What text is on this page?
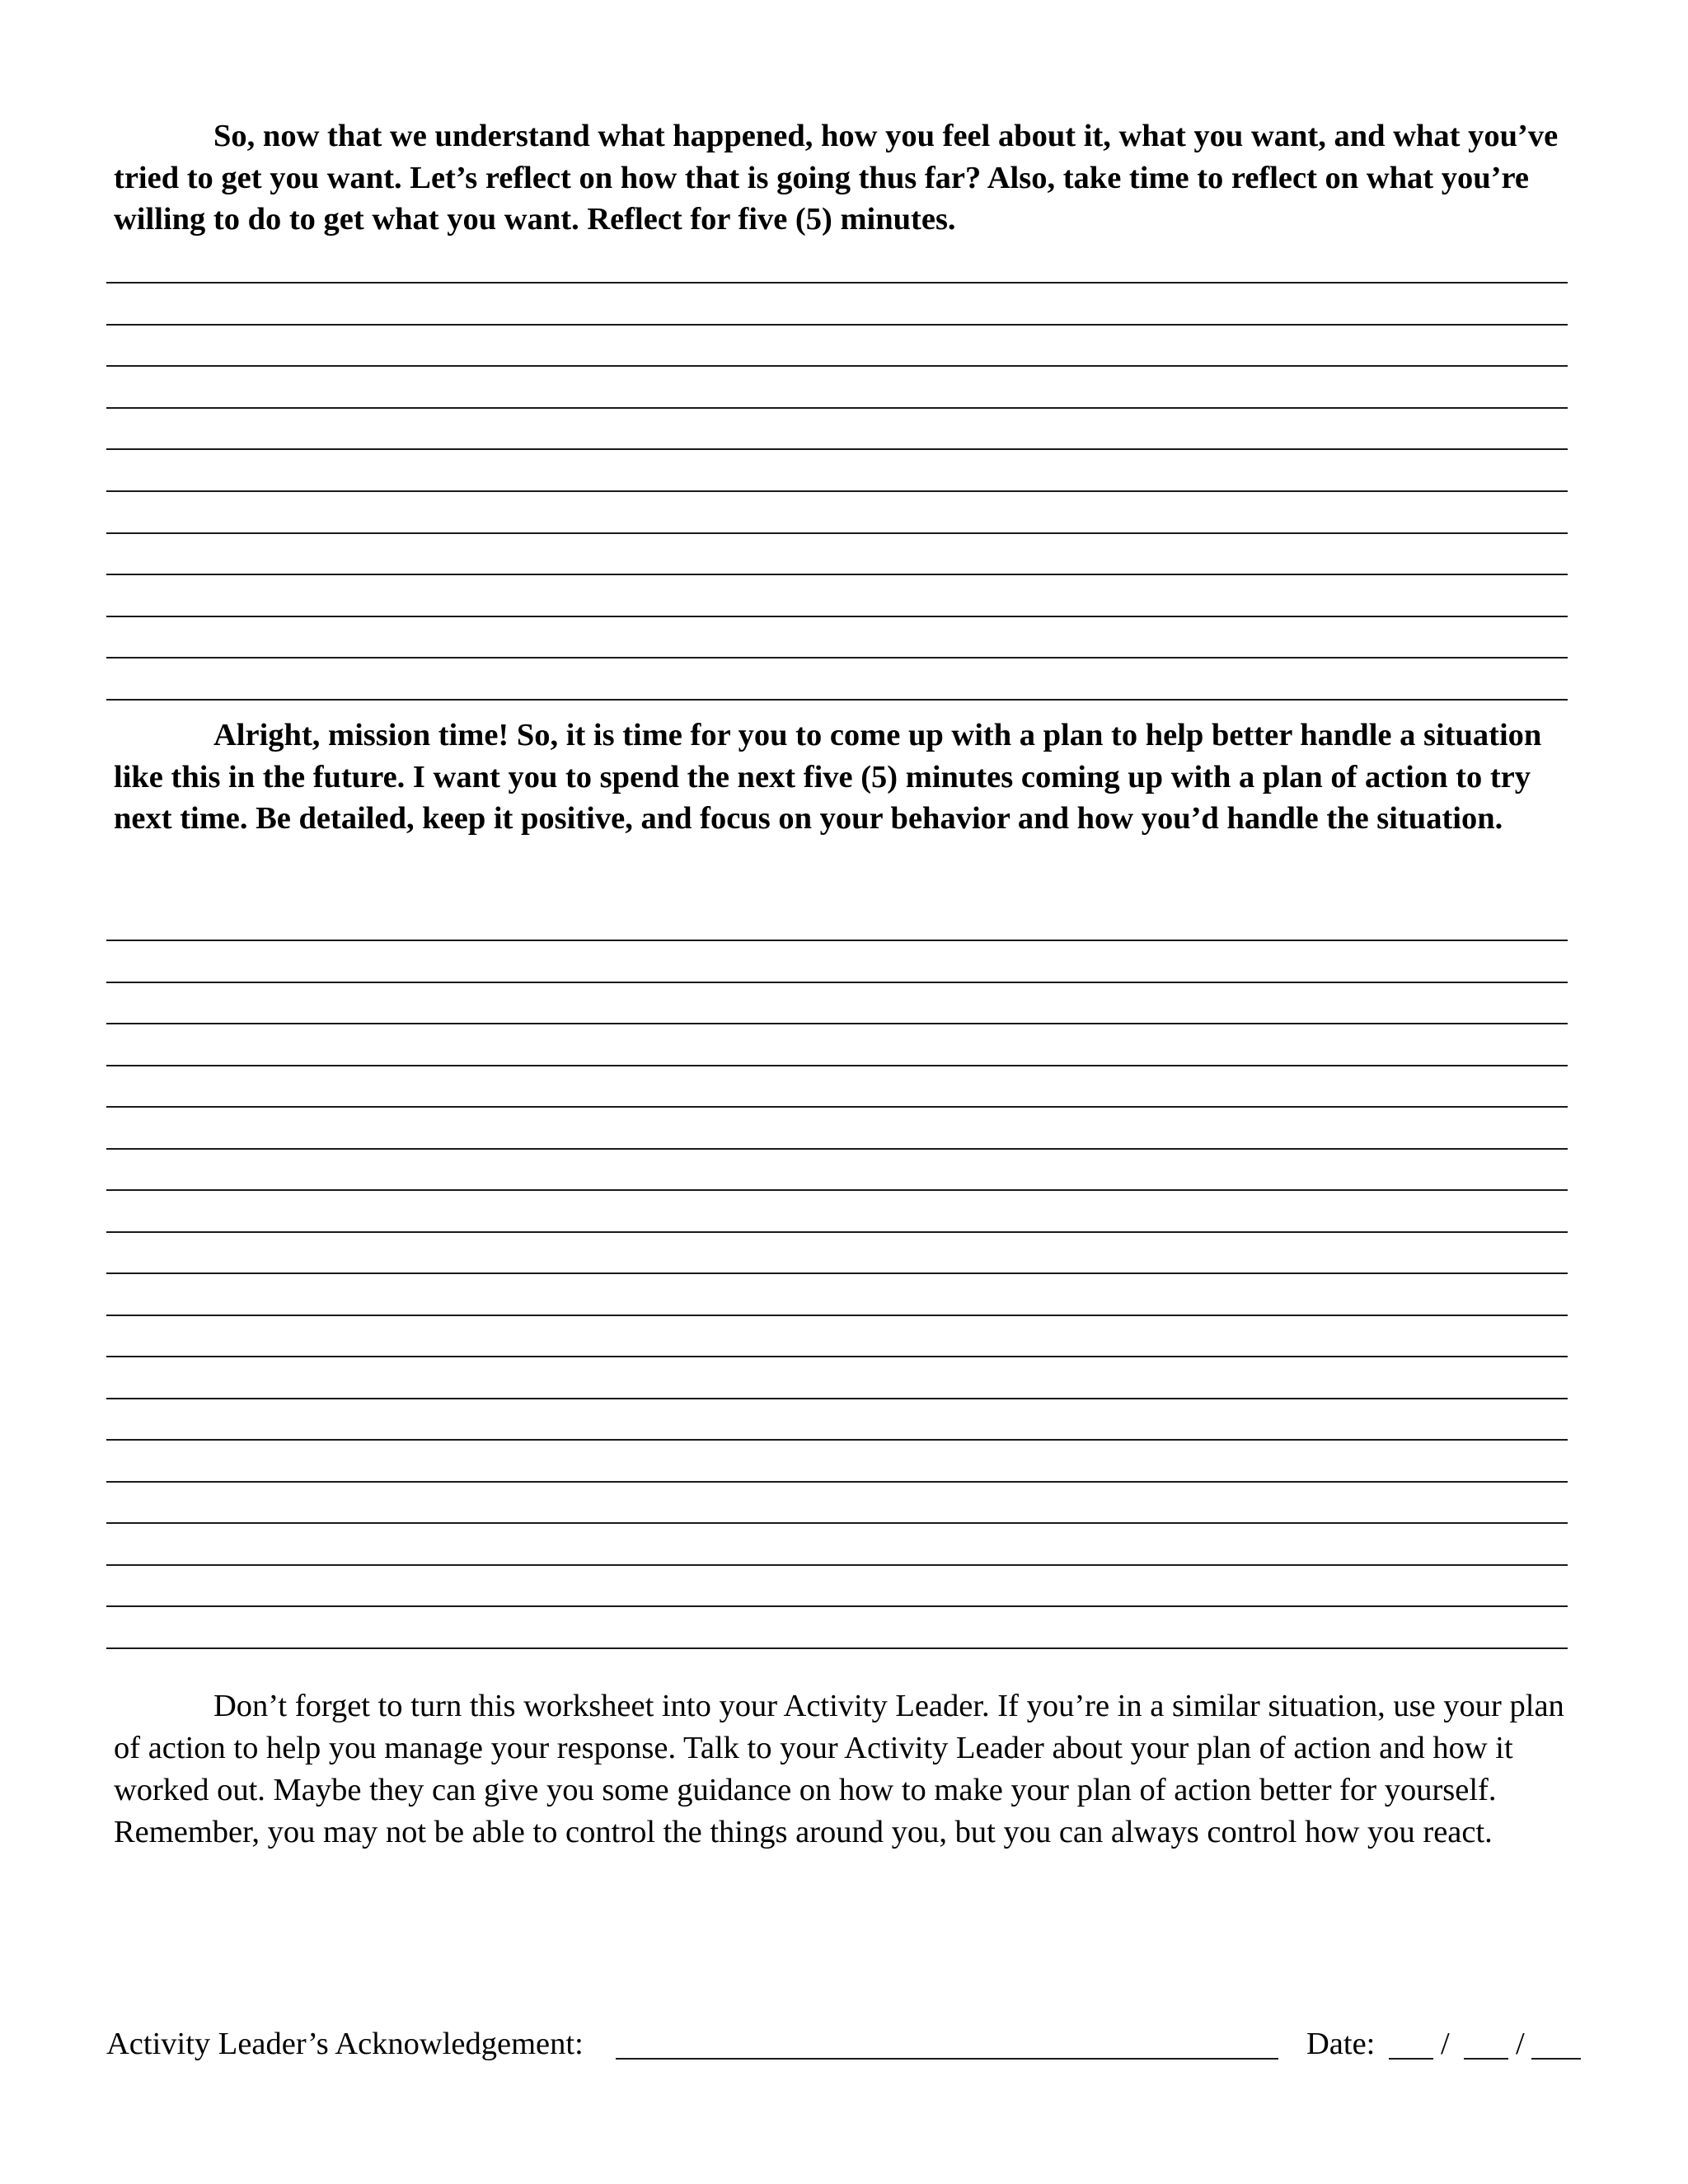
So, now that we understand what happened, how you feel about it, what you want, and what you’ve tried to get you want. Let’s reflect on how that is going thus far? Also, take time to reflect on what you’re willing to do to get what you want. Reflect for five (5) minutes.

Alright, mission time! So, it is time for you to come up with a plan to help better handle a situation like this in the future. I want you to spend the next five (5) minutes coming up with a plan of action to try next time. Be detailed, keep it positive, and focus on your behavior and how you’d handle the situation.

Don’t forget to turn this worksheet into your Activity Leader. If you’re in a similar situation, use your plan of action to help you manage your response. Talk to your Activity Leader about your plan of action and how it worked out. Maybe they can give you some guidance on how to make your plan of action better for yourself. Remember, you may not be able to control the things around you, but you can always control how you react.

Activity Leader’s Acknowledgement:	Date: / /
